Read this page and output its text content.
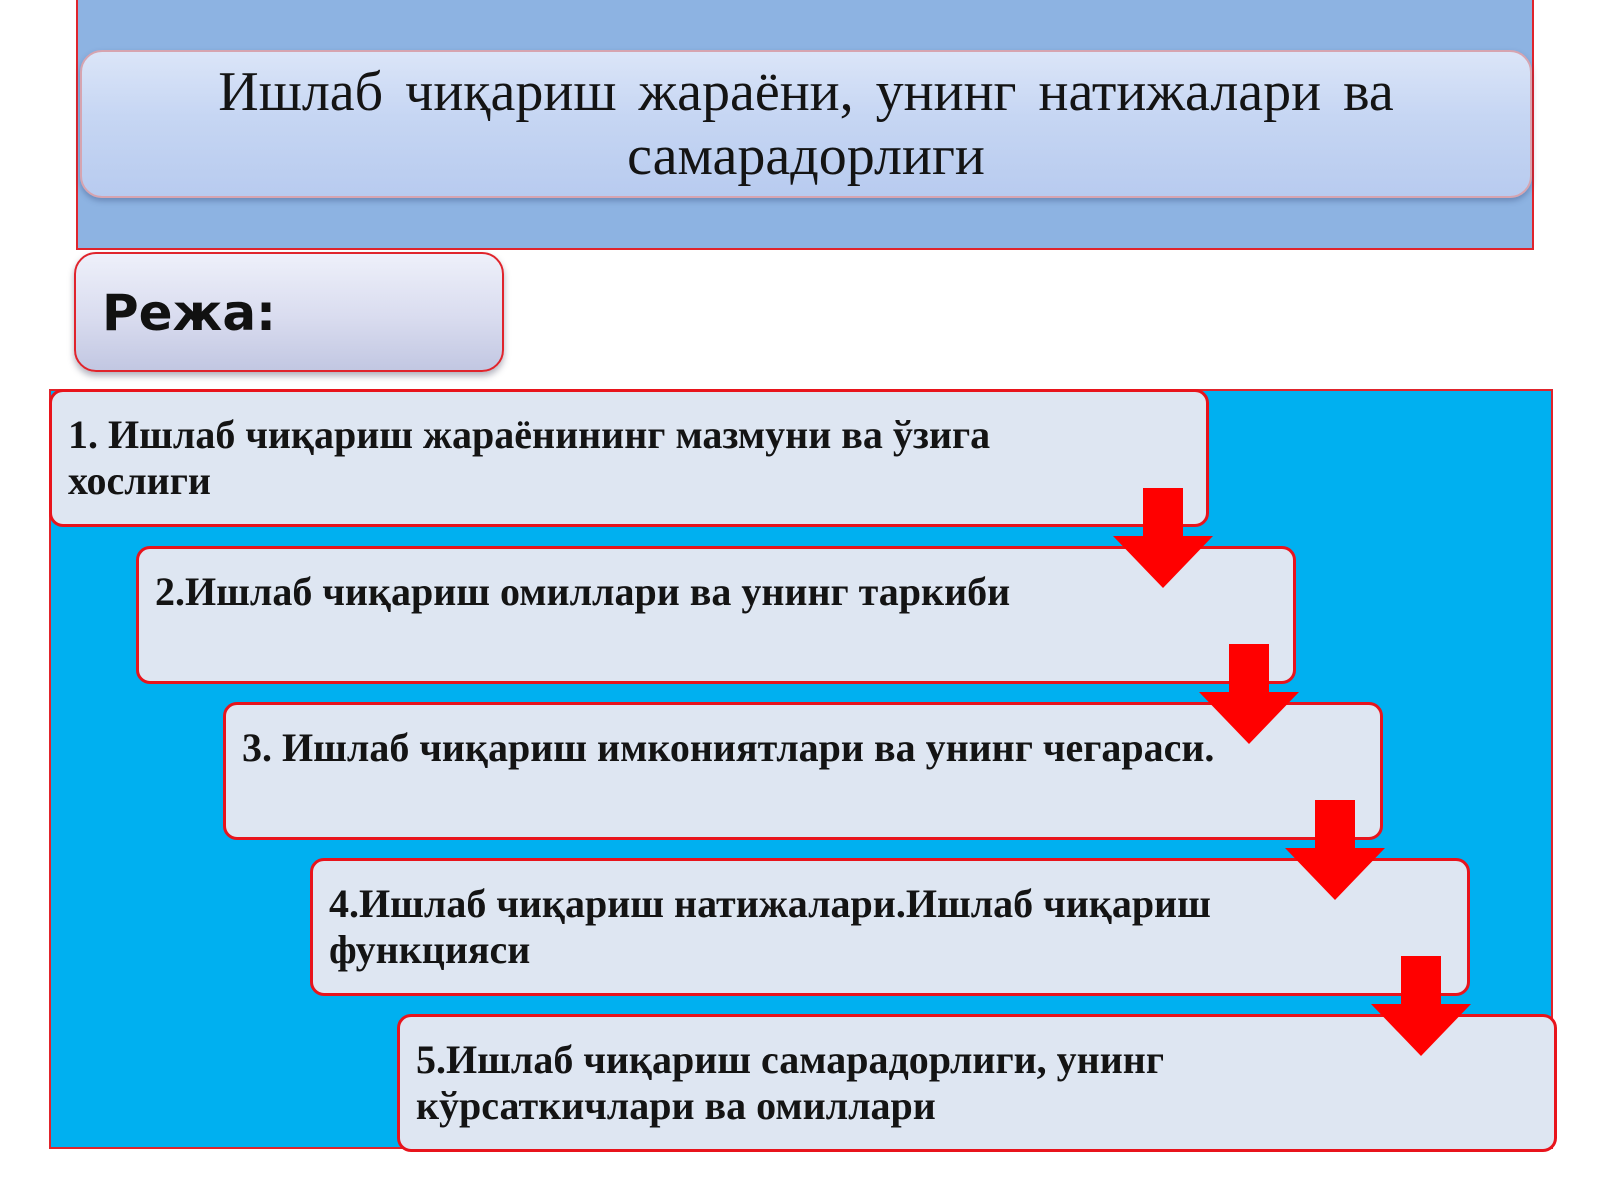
Ишлаб чиқариш жараёни, унинг натижалари ва самарадорлиги
Режа:
1. Ишлаб чиқариш жараёнининг мазмуни ва ўзига хослиги
2.Ишлаб чиқариш омиллари ва унинг таркиби
3. Ишлаб чиқариш имкониятлари ва унинг чегараси.
4.Ишлаб чиқариш натижалари.Ишлаб чиқариш функцияси
5.Ишлаб чиқариш самарадорлиги, унинг кўрсаткичлари ва омиллари
